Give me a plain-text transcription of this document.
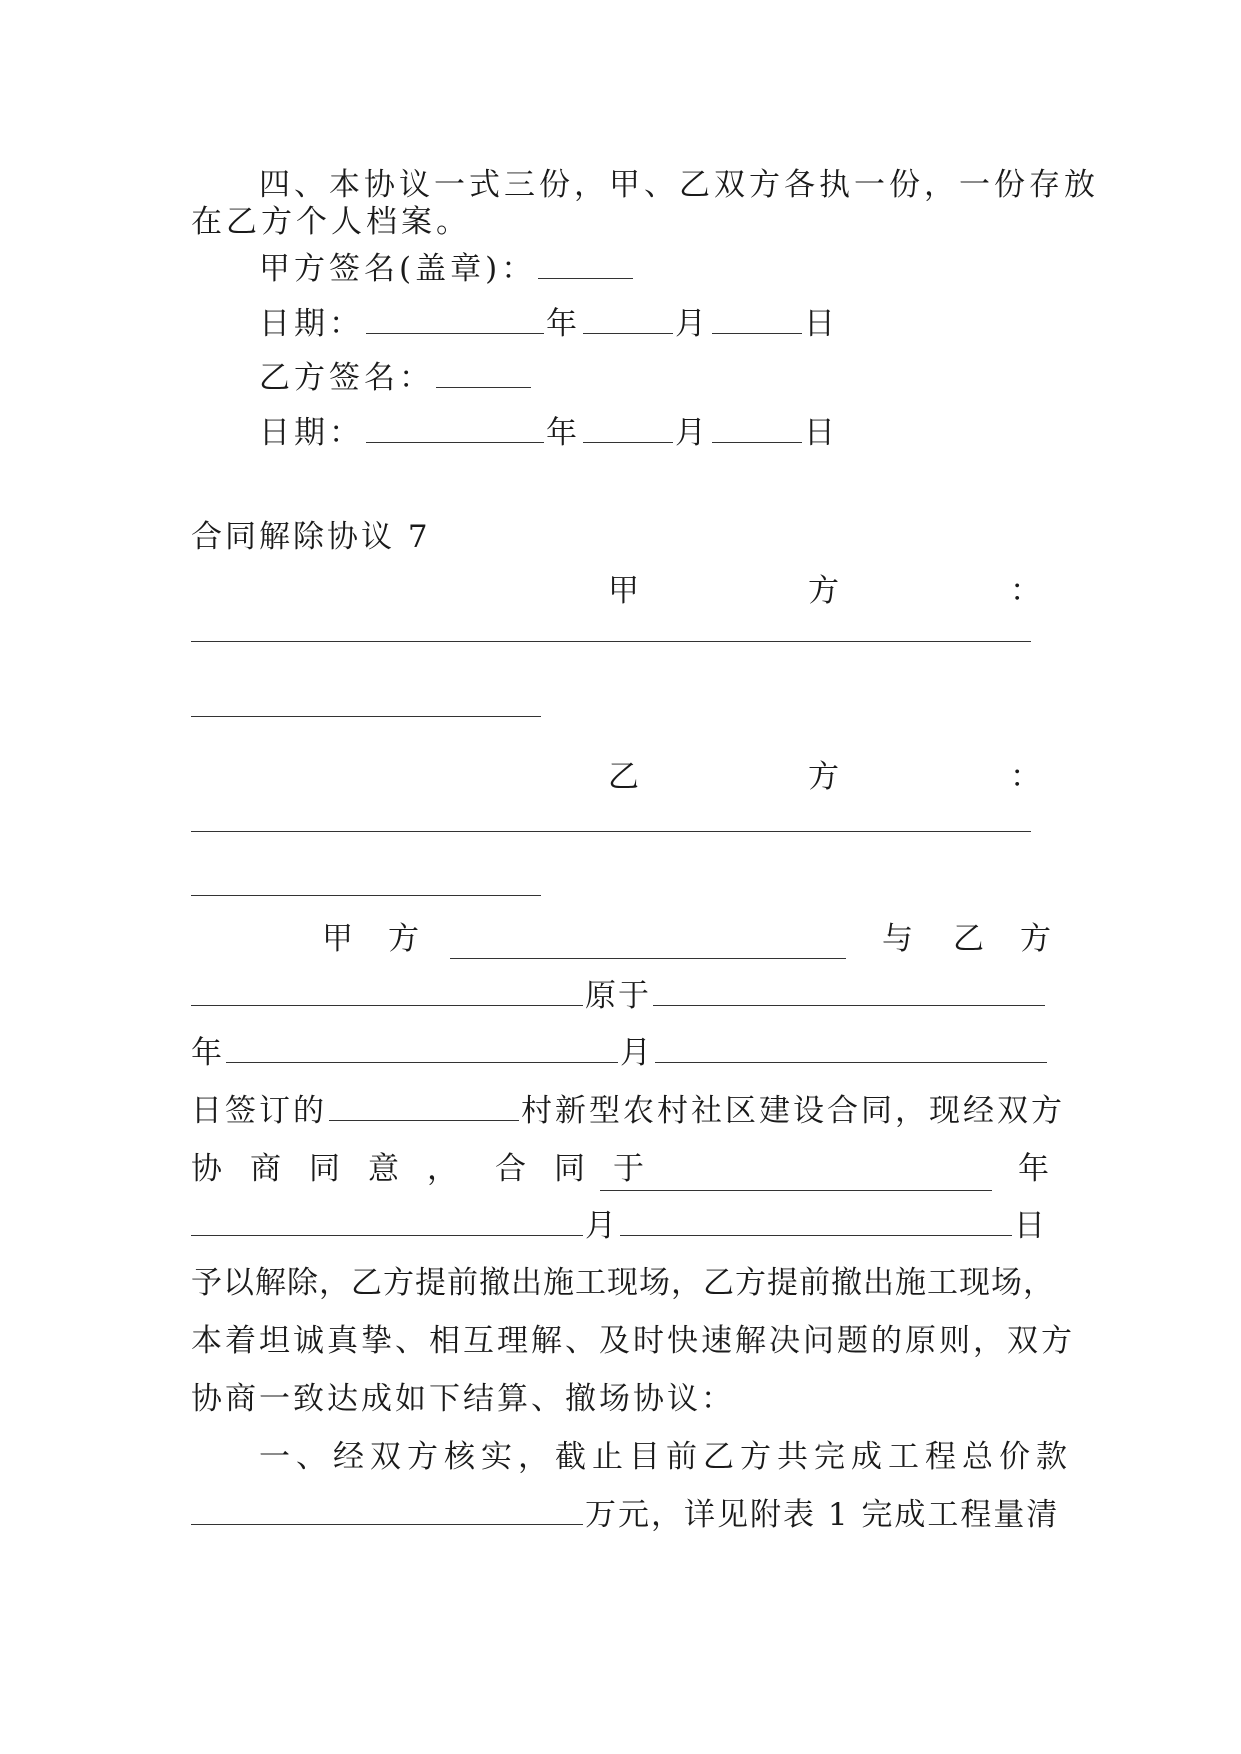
四、本协议一式三份，甲、乙双方各执一份，一份存放
在乙方个人档案。
甲方签名(盖章)：
日期：	年	月	日
乙方签名：
日期：	年	月	日
合同解除协议 7
甲	方	：
乙	方	：
甲 方	与 乙 方
原于
年	月
日签订的	村新型农村社区建设合同，现经双方
协 商 同 意 ， 合 同 于	年
月	日
予以解除，乙方提前撤出施工现场，乙方提前撤出施工现场，
本着坦诚真挚、相互理解、及时快速解决问题的原则，双方
协商一致达成如下结算、撤场协议：
一、经双方核实，截止目前乙方共完成工程总价款
万元，详见附表 1 完成工程量清
